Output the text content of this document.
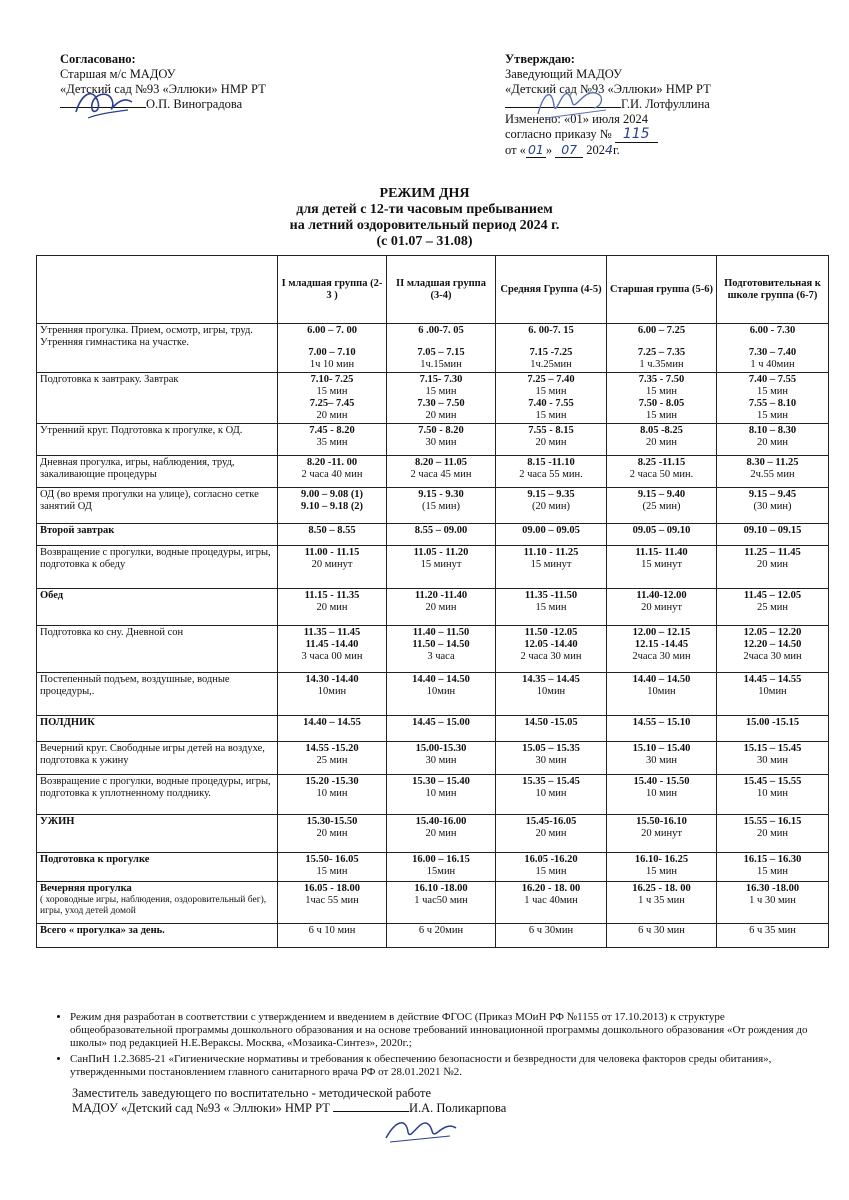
Согласовано:
Старшая м/с МАДОУ
«Детский сад №93 «Эллюки» НМР РТ
О.П. Виноградова
Утверждаю:
Заведующий МАДОУ
«Детский сад №93 «Эллюки» НМР РТ
Г.И. Лотфуллина
Изменено: «01» июля 2024
согласно приказу № 115
от « 01 » 07 2024г.
РЕЖИМ ДНЯ
для детей с 12-ти часовым пребыванием
на летний оздоровительный период 2024 г.
(с 01.07 – 31.08)
	I младшая группа (2-3 )	II младшая группа (3-4)	Средняя Группа (4-5)	Старшая группа (5-6)	Подготовительная к школе группа (6-7)
Утренняя прогулка. Прием, осмотр, игры, труд. Утренняя гимнастика на участке.	6.00 – 7. 00
7.00 – 7.10
1ч 10 мин	6 .00-7. 05
7.05 – 7.15
1ч.15мин	6. 00-7. 15
7.15 -7.25
1ч.25мин	6.00 – 7.25
7.25 – 7.35
1 ч.35мин	6.00 - 7.30
7.30 – 7.40
1 ч 40мин

Подготовка к завтраку. Завтрак	7.10- 7.25
15 мин
7.25– 7.45
20 мин	7.15- 7.30
15 мин
7.30 – 7.50
20 мин	7.25 – 7.40
15 мин
7.40 - 7.55
15 мин	7.35 - 7.50
15 мин
7.50 - 8.05
15 мин	7.40 – 7.55
15 мин
7.55 – 8.10
15 мин

Утренний круг. Подготовка к прогулке, к ОД.	7.45 - 8.20
35 мин	7.50 - 8.20
30 мин	7.55 - 8.15
20 мин	8.05 -8.25
20 мин	8.10 – 8.30
20 мин

Дневная прогулка, игры, наблюдения, труд, закаливающие процедуры	8.20 -11. 00
2 часа 40 мин	8.20 – 11.05
2 часа 45 мин	8.15 -11.10
2 часа 55 мин.	8.25 -11.15
2 часа 50 мин.	8.30 – 11.25
2ч.55 мин

ОД (во время прогулки на улице), согласно сетке занятий ОД	9.00 – 9.08 (1)
9.10 – 9.18 (2)	9.15 - 9.30
(15 мин)	9.15 – 9.35
(20 мин)	9.15 – 9.40
(25 мин)	9.15 – 9.45
(30 мин)

Второй завтрак	8.50 – 8.55	8.55 – 09.00	09.00 – 09.05	09.05 – 09.10	09.10 – 09.15

Возвращение с прогулки, водные процедуры, игры, подготовка к обеду	11.00 - 11.15
20 минут	11.05 - 11.20
15 минут	11.10 - 11.25
15 минут	11.15- 11.40
15 минут	11.25 – 11.45
20 мин

Обед	11.15 - 11.35
20 мин	11.20 -11.40
20 мин	11.35 -11.50
15 мин	11.40-12.00
20 минут	11.45 – 12.05
25 мин

Подготовка ко сну. Дневной сон	11.35 – 11.45
11.45 -14.40
3 часа 00 мин	11.40 – 11.50
11.50 – 14.50
3 часа	11.50 -12.05
12.05 -14.40
2 часа 30 мин	12.00 – 12.15
12.15 -14.45
2часа 30 мин	12.05 – 12.20
12.20 – 14.50
2часа 30 мин

Постепенный подъем, воздушные, водные процедуры,.	14.30 -14.40
10мин	14.40 – 14.50
10мин	14.35 – 14.45
10мин	14.40 – 14.50
10мин	14.45 – 14.55
10мин

ПОЛДНИК	14.40 – 14.55	14.45 – 15.00	14.50 -15.05	14.55 – 15.10	15.00 -15.15

Вечерний круг. Свободные игры детей на воздухе, подготовка к ужину	14.55 -15.20
25 мин	15.00-15.30
30 мин	15.05 – 15.35
30 мин	15.10 – 15.40
30 мин	15.15 – 15.45
30 мин

Возвращение с прогулки, водные процедуры, игры, подготовка к уплотненному полднику.	15.20 -15.30
10 мин	15.30 – 15.40
10 мин	15.35 – 15.45
10 мин	15.40 - 15.50
10 мин	15.45 – 15.55
10 мин

УЖИН	15.30-15.50
20 мин	15.40-16.00
20 мин	15.45-16.05
20 мин	15.50-16.10
20 минут	15.55 – 16.15
20 мин

Подготовка к прогулке	15.50- 16.05
15 мин	16.00 – 16.15
15мин	16.05 -16.20
15 мин	16.10- 16.25
15 мин	16.15 – 16.30
15 мин

Вечерняя прогулка
( хороводные игры, наблюдения, оздоровительный бег), игры, уход детей домой	16.05 - 18.00
1час 55 мин	16.10 -18.00
1 час50 мин	16.20 - 18. 00
1 час 40мин	16.25 - 18. 00
1 ч 35 мин	16.30 -18.00
1 ч 30 мин

Всего « прогулка» за день.	6 ч 10 мин	6 ч 20мин	6 ч 30мин	6 ч 30 мин	6 ч 35 мин
• Режим дня разработан в соответствии с утверждением и введением в действие ФГОС (Приказ МОиН РФ №1155 от 17.10.2013) к структуре общеобразовательной программы дошкольного образования и на основе требований инновационной программы дошкольного образования «От рождения до школы» под редакцией Н.Е.Вераксы. Москва, «Мозаика-Синтез», 2020г.;
• СанПиН 1.2.3685-21 «Гигиенические нормативы и требования к обеспечению безопасности и безвредности для человека факторов среды обитания», утвержденными постановлением главного санитарного врача РФ от 28.01.2021 №2.
Заместитель заведующего по воспитательно - методической работе
МАДОУ «Детский сад №93 « Эллюки» НМР РТ	И.А. Поликарпова
